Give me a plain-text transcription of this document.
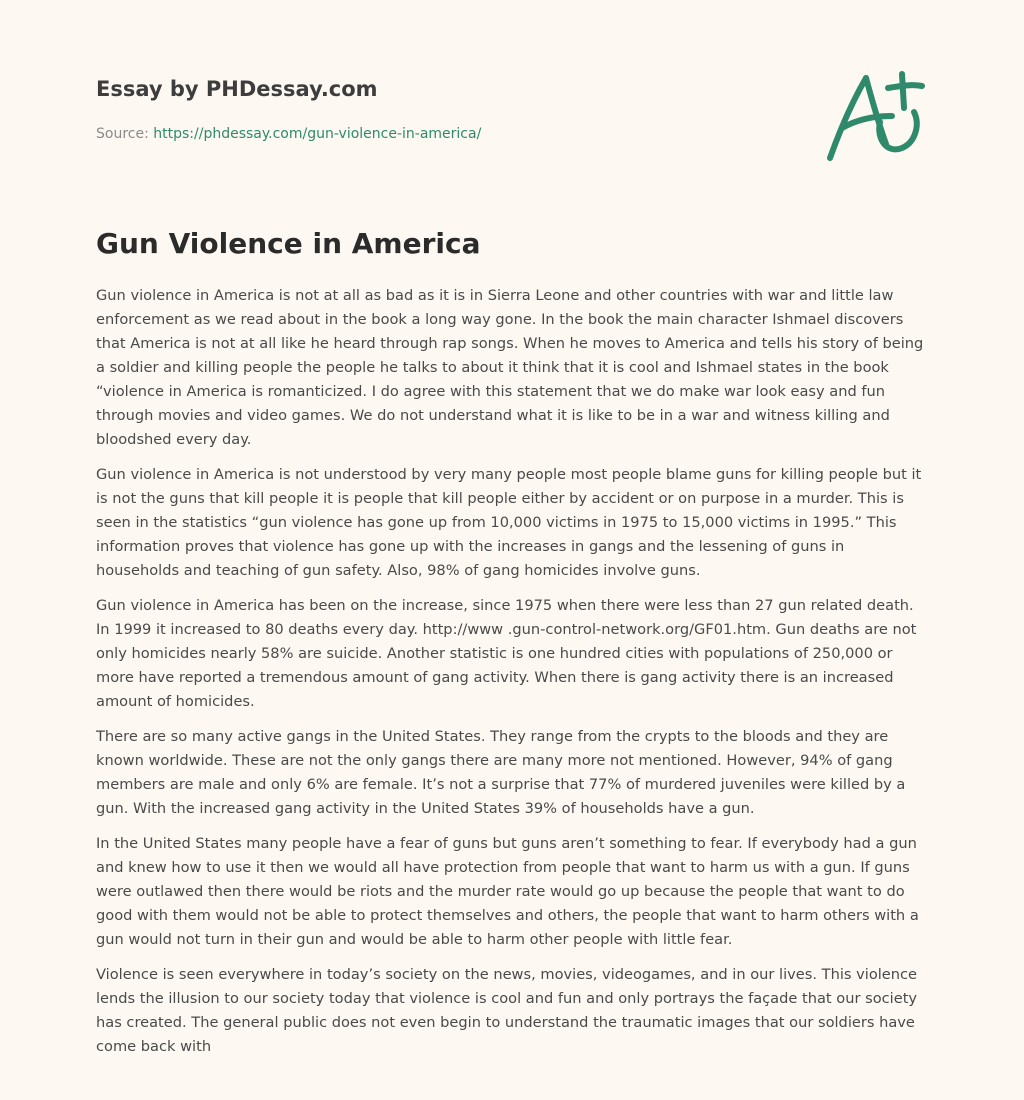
Essay by PHDessay.com
Source: https://phdessay.com/gun-violence-in-america/
Gun Violence in America

Gun violence in America is not at all as bad as it is in Sierra Leone and other countries with war and little law enforcement as we read about in the book a long way gone. In the book the main character Ishmael discovers that America is not at all like he heard through rap songs. When he moves to America and tells his story of being a soldier and killing people the people he talks to about it think that it is cool and Ishmael states in the book “violence in America is romanticized. I do agree with this statement that we do make war look easy and fun through movies and video games. We do not understand what it is like to be in a war and witness killing and bloodshed every day.

Gun violence in America is not understood by very many people most people blame guns for killing people but it is not the guns that kill people it is people that kill people either by accident or on purpose in a murder. This is seen in the statistics “gun violence has gone up from 10,000 victims in 1975 to 15,000 victims in 1995.” This information proves that violence has gone up with the increases in gangs and the lessening of guns in households and teaching of gun safety. Also, 98% of gang homicides involve guns.

Gun violence in America has been on the increase, since 1975 when there were less than 27 gun related death. In 1999 it increased to 80 deaths every day. http://www .gun-control-network.org/GF01.htm. Gun deaths are not only homicides nearly 58% are suicide. Another statistic is one hundred cities with populations of 250,000 or more have reported a tremendous amount of gang activity. When there is gang activity there is an increased amount of homicides.

There are so many active gangs in the United States. They range from the crypts to the bloods and they are known worldwide. These are not the only gangs there are many more not mentioned. However, 94% of gang members are male and only 6% are female. It’s not a surprise that 77% of murdered juveniles were killed by a gun. With the increased gang activity in the United States 39% of households have a gun.

In the United States many people have a fear of guns but guns aren’t something to fear. If everybody had a gun and knew how to use it then we would all have protection from people that want to harm us with a gun. If guns were outlawed then there would be riots and the murder rate would go up because the people that want to do good with them would not be able to protect themselves and others, the people that want to harm others with a gun would not turn in their gun and would be able to harm other people with little fear.

Violence is seen everywhere in today’s society on the news, movies, videogames, and in our lives. This violence lends the illusion to our society today that violence is cool and fun and only portrays the façade that our society has created. The general public does not even begin to understand the traumatic images that our soldiers have come back with
